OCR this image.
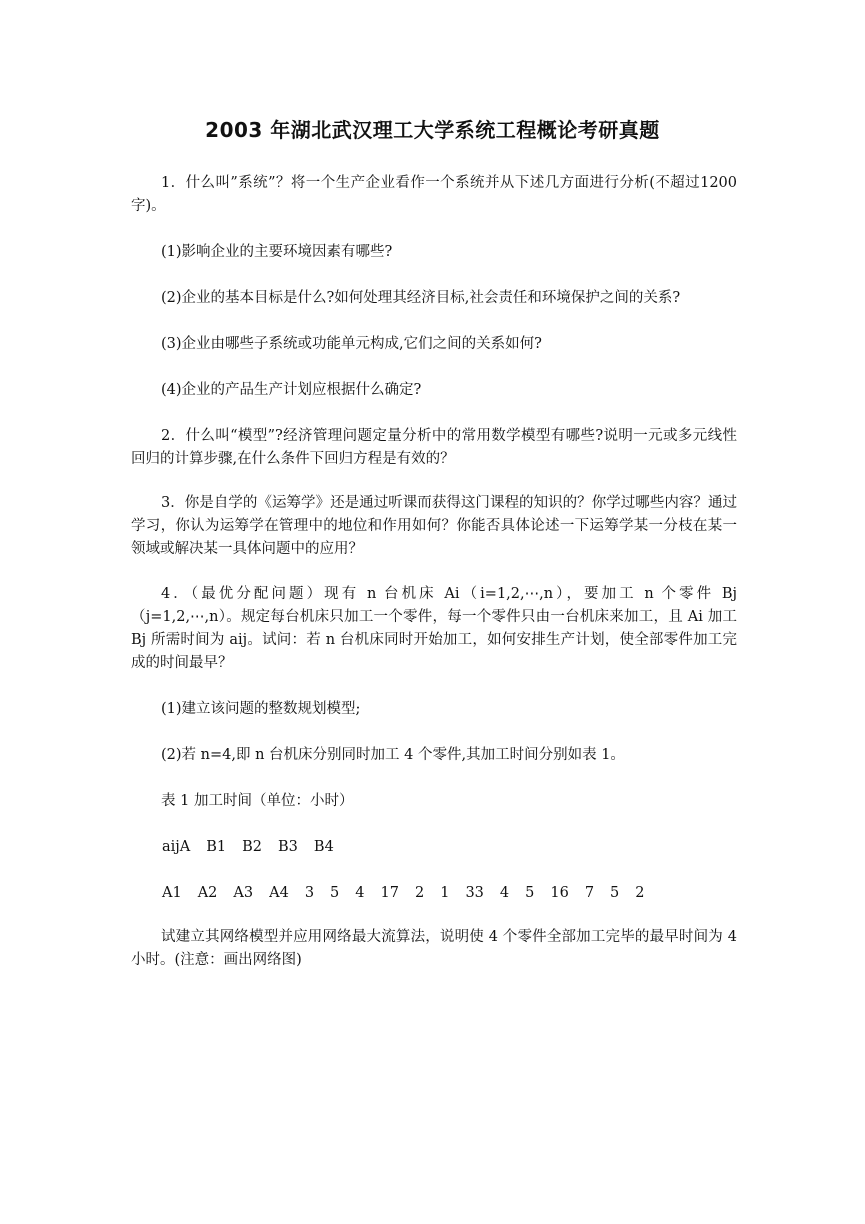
2003 年湖北武汉理工大学系统工程概论考研真题

1．什么叫”系统”？将一个生产企业看作一个系统并从下述几方面进行分析(不超过1200 字)。

(1)影响企业的主要环境因素有哪些?

(2)企业的基本目标是什么?如何处理其经济目标,社会责任和环境保护之间的关系?

(3)企业由哪些子系统或功能单元构成,它们之间的关系如何?

(4)企业的产品生产计划应根据什么确定?

2．什么叫“模型”?经济管理问题定量分析中的常用数学模型有哪些?说明一元或多元线性回归的计算步骤,在什么条件下回归方程是有效的？

3．你是自学的《运筹学》还是通过听课而获得这门课程的知识的？你学过哪些内容？通过学习，你认为运筹学在管理中的地位和作用如何？你能否具体论述一下运筹学某一分枝在某一领域或解决某一具体问题中的应用？

4．（最优分配问题）现有 n 台机床 Ai（i=1,2,⋯,n），要加工 n 个零件 Bj（j=1,2,⋯,n）。规定每台机床只加工一个零件，每一个零件只由一台机床来加工，且 Ai 加工 Bj 所需时间为 aij。试问：若 n 台机床同时开始加工，如何安排生产计划，使全部零件加工完成的时间最早？

(1)建立该问题的整数规划模型;

(2)若 n=4,即 n 台机床分别同时加工 4 个零件,其加工时间分别如表 1。

表 1 加工时间（单位：小时）

aijA B1 B2 B3 B4

A1 A2 A3 A4 3 5 4 17 2 1 33 4 5 16 7 5 2

试建立其网络模型并应用网络最大流算法，说明使 4 个零件全部加工完毕的最早时间为 4 小时。(注意：画出网络图)
